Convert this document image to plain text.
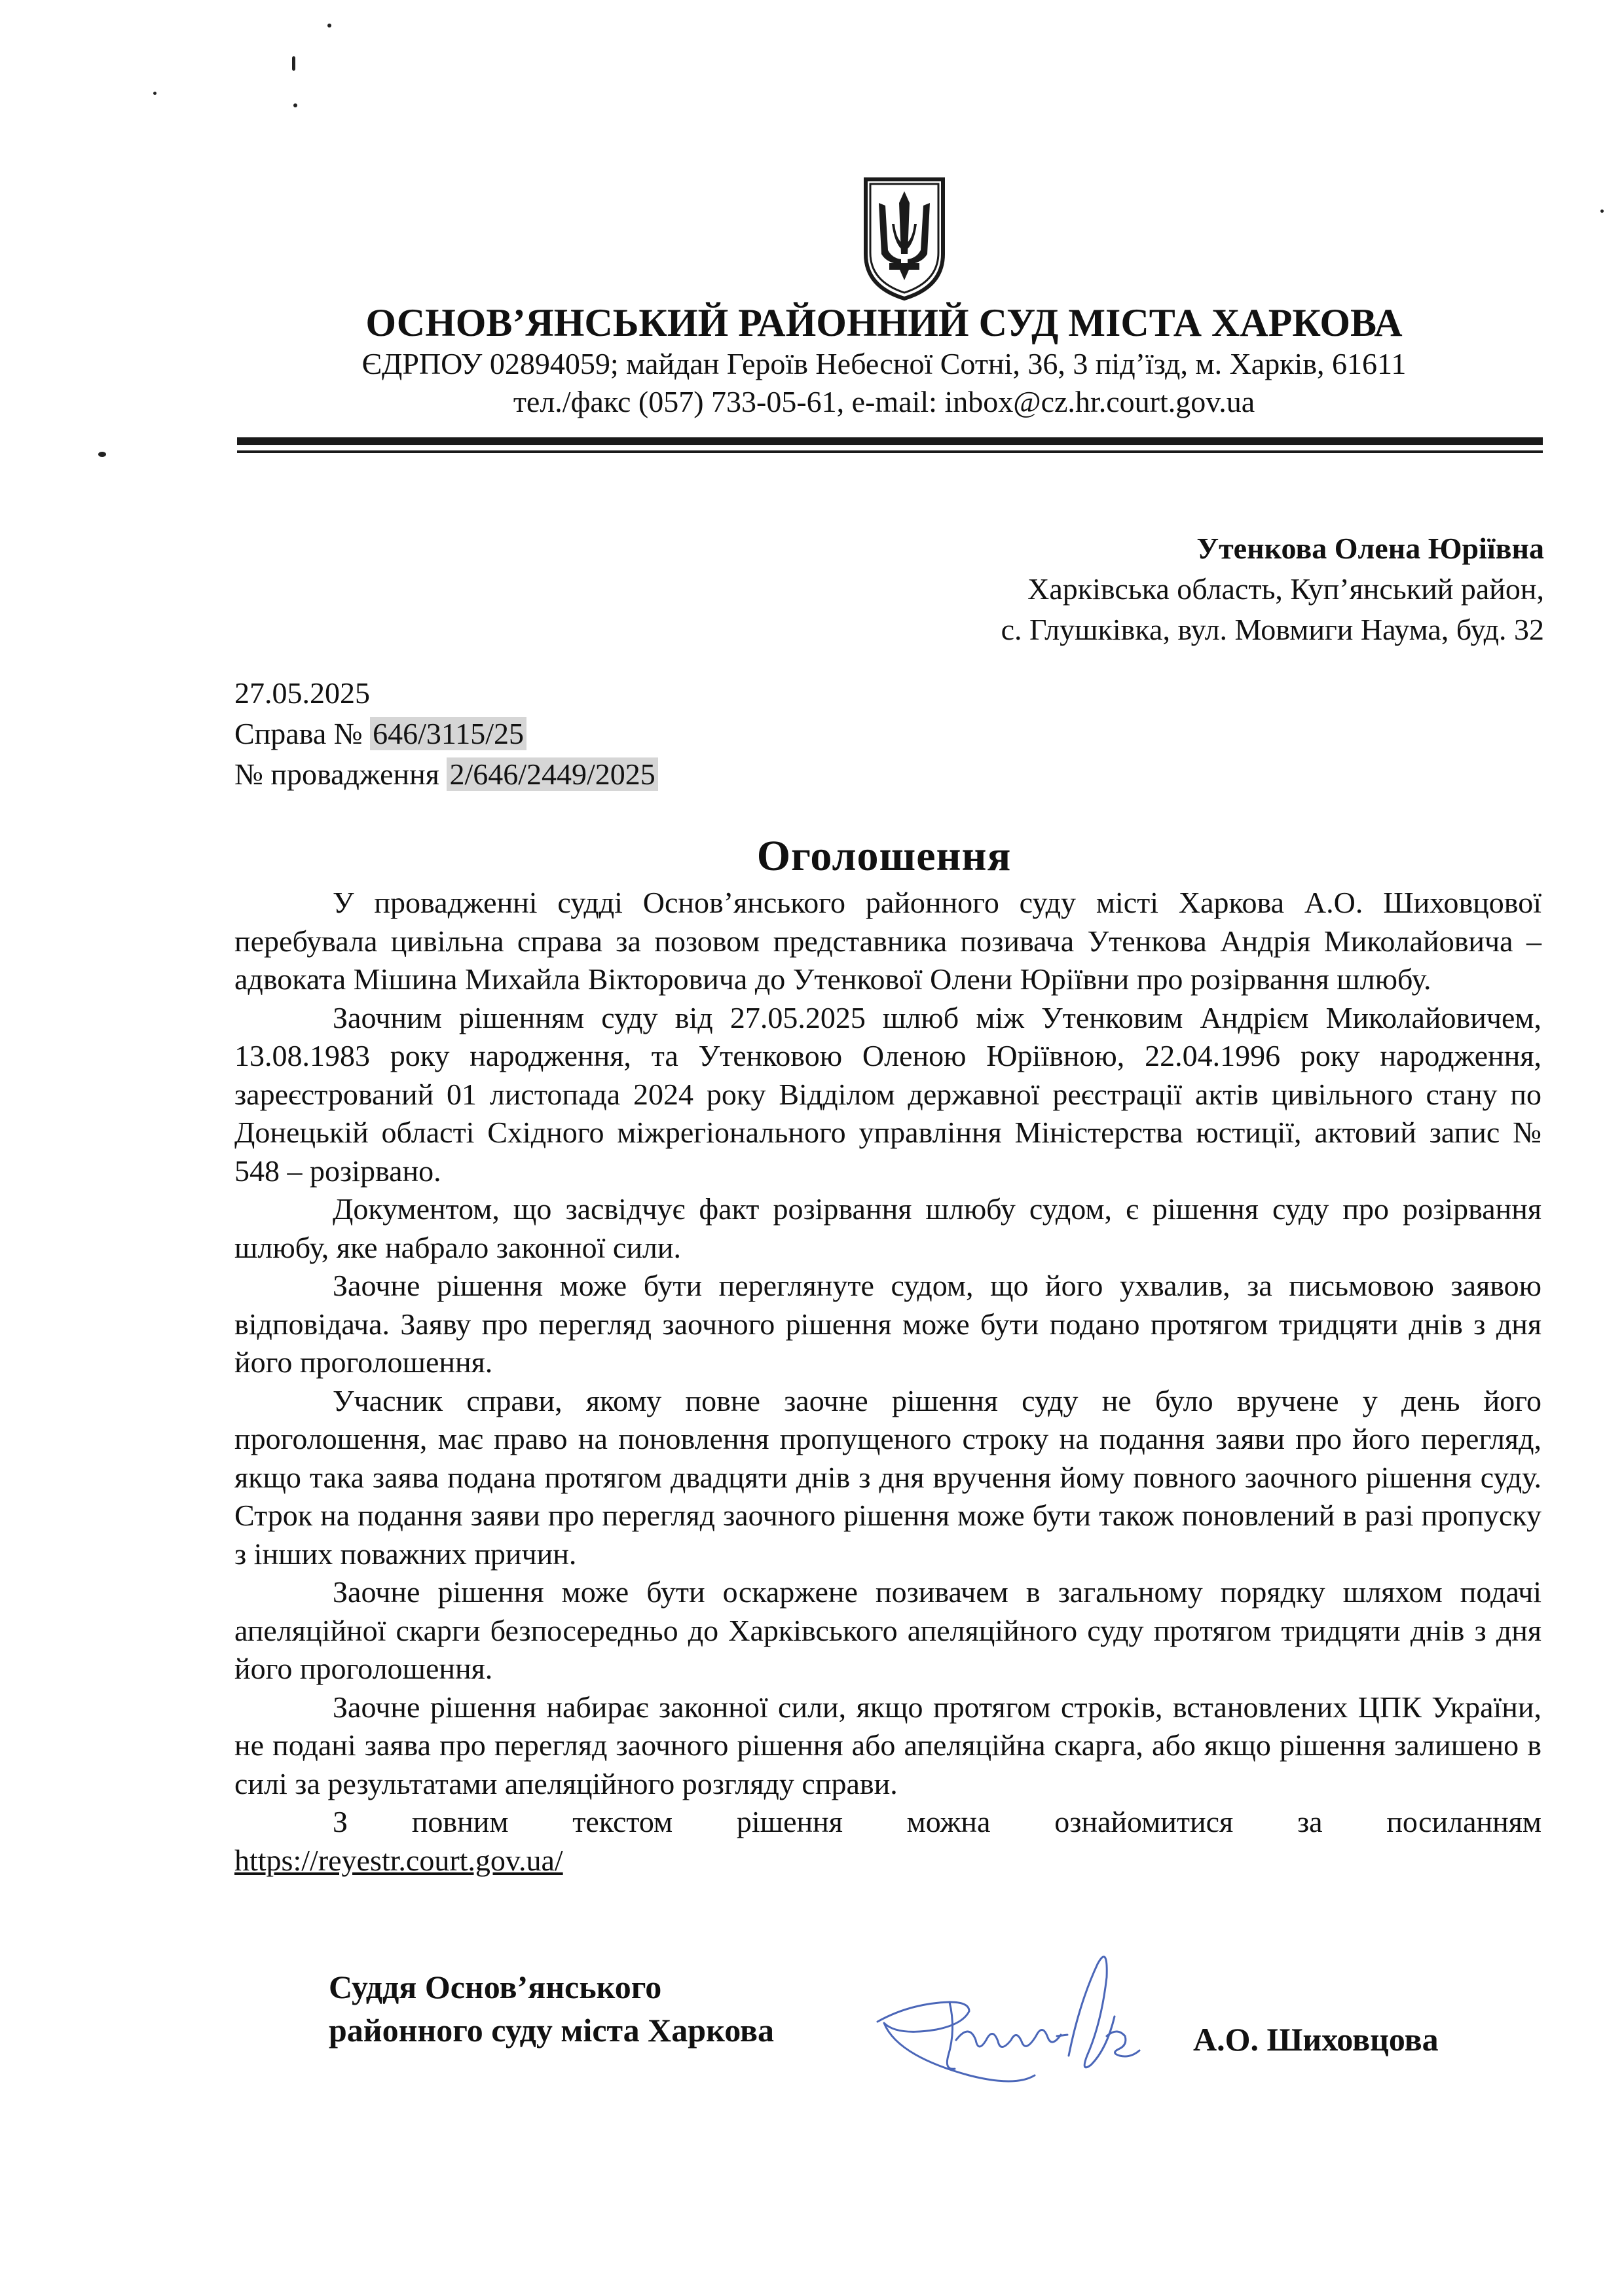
ОСНОВ’ЯНСЬКИЙ РАЙОННИЙ СУД МІСТА ХАРКОВА
ЄДРПОУ 02894059; майдан Героїв Небесної Сотні, 36, 3 під’їзд, м. Харків, 61611
тел./факс (057) 733-05-61, e-mail: inbox@cz.hr.court.gov.ua
Утенкова Олена Юріївна
Харківська область, Куп’янський район,
с. Глушківка, вул. Мовмиги Наума, буд. 32
27.05.2025
Справа № 646/3115/25
№ провадження 2/646/2449/2025
Оголошення

У провадженні судді Основ’янського районного суду місті Харкова А.О. Шиховцової перебувала цивільна справа за позовом представника позивача Утенкова Андрія Миколайовича – адвоката Мішина Михайла Вікторовича до Утенкової Олени Юріївни про розірвання шлюбу.

Заочним рішенням суду від 27.05.2025 шлюб між Утенковим Андрієм Миколайовичем, 13.08.1983 року народження, та Утенковою Оленою Юріївною, 22.04.1996 року народження, зареєстрований 01 листопада 2024 року Відділом державної реєстрації актів цивільного стану по Донецькій області Східного міжрегіонального управління Міністерства юстиції, актовий запис № 548 – розірвано.

Документом, що засвідчує факт розірвання шлюбу судом, є рішення суду про розірвання шлюбу, яке набрало законної сили.

Заочне рішення може бути переглянуте судом, що його ухвалив, за письмовою заявою відповідача. Заяву про перегляд заочного рішення може бути подано протягом тридцяти днів з дня його проголошення.

Учасник справи, якому повне заочне рішення суду не було вручене у день його проголошення, має право на поновлення пропущеного строку на подання заяви про його перегляд, якщо така заява подана протягом двадцяти днів з дня вручення йому повного заочного рішення суду. Строк на подання заяви про перегляд заочного рішення може бути також поновлений в разі пропуску з інших поважних причин.

Заочне рішення може бути оскаржене позивачем в загальному порядку шляхом подачі апеляційної скарги безпосередньо до Харківського апеляційного суду протягом тридцяти днів з дня його проголошення.

Заочне рішення набирає законної сили, якщо протягом строків, встановлених ЦПК України, не подані заява про перегляд заочного рішення або апеляційна скарга, або якщо рішення залишено в силі за результатами апеляційного розгляду справи.

З повним текстом рішення можна ознайомитися за посиланням

https://reyestr.court.gov.ua/

Суддя Основ’янського
районного суду міста Харкова	А.О. Шиховцова
